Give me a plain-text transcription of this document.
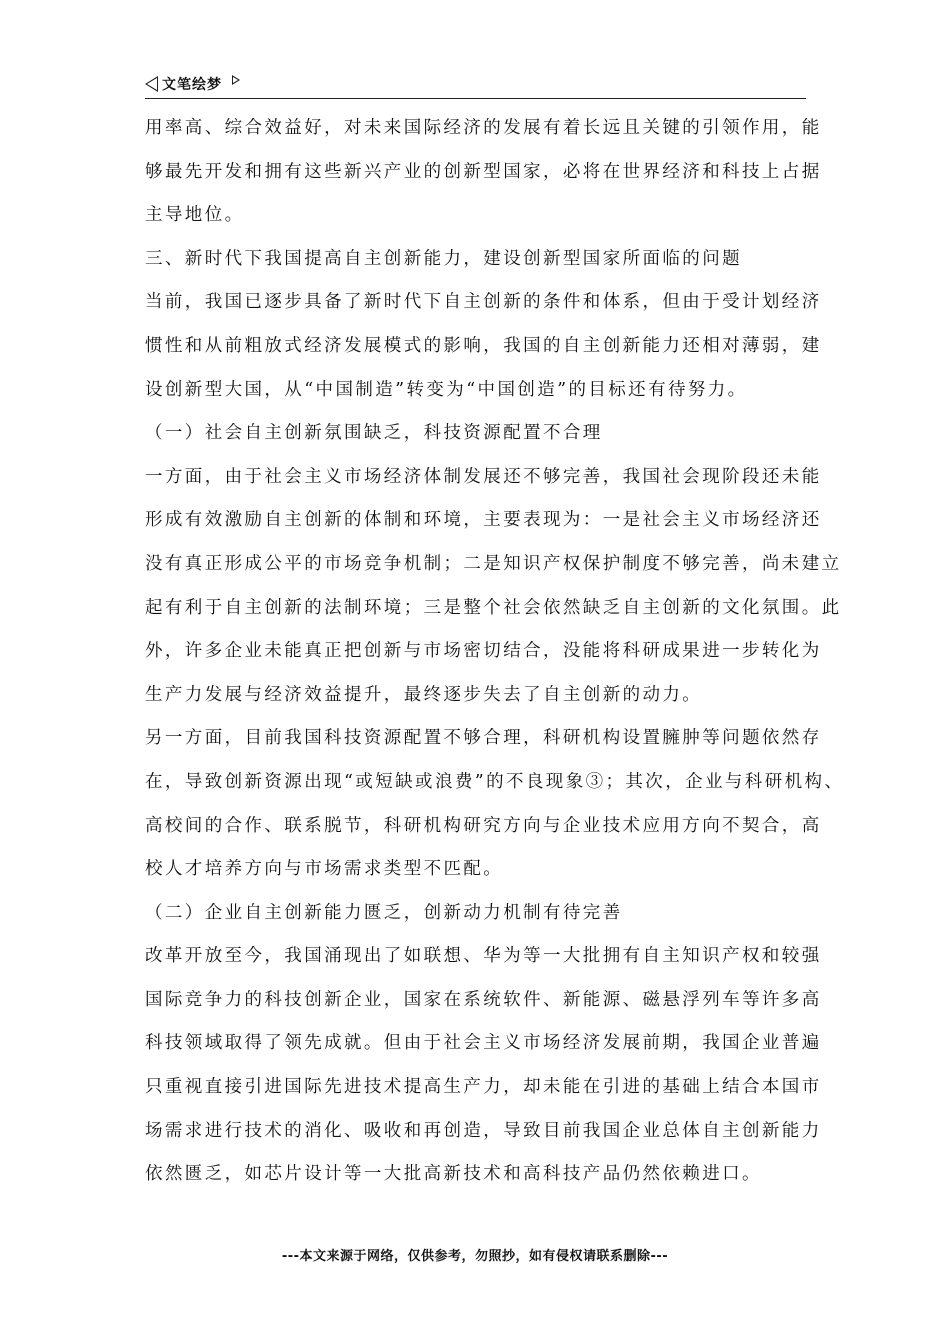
文笔绘梦
用率高、综合效益好，对未来国际经济的发展有着长远且关键的引领作用，能
够最先开发和拥有这些新兴产业的创新型国家，必将在世界经济和科技上占据
主导地位。
三、新时代下我国提高自主创新能力，建设创新型国家所面临的问题
当前，我国已逐步具备了新时代下自主创新的条件和体系，但由于受计划经济
惯性和从前粗放式经济发展模式的影响，我国的自主创新能力还相对薄弱，建
设创新型大国，从“中国制造”转变为“中国创造”的目标还有待努力。
（一）社会自主创新氛围缺乏，科技资源配置不合理
一方面，由于社会主义市场经济体制发展还不够完善，我国社会现阶段还未能
形成有效激励自主创新的体制和环境，主要表现为：一是社会主义市场经济还
没有真正形成公平的市场竞争机制；二是知识产权保护制度不够完善，尚未建立
起有利于自主创新的法制环境；三是整个社会依然缺乏自主创新的文化氛围。此
外，许多企业未能真正把创新与市场密切结合，没能将科研成果进一步转化为
生产力发展与经济效益提升，最终逐步失去了自主创新的动力。
另一方面，目前我国科技资源配置不够合理，科研机构设置臃肿等问题依然存
在，导致创新资源出现“或短缺或浪费”的不良现象③；其次，企业与科研机构、
高校间的合作、联系脱节，科研机构研究方向与企业技术应用方向不契合，高
校人才培养方向与市场需求类型不匹配。
（二）企业自主创新能力匮乏，创新动力机制有待完善
改革开放至今，我国涌现出了如联想、华为等一大批拥有自主知识产权和较强
国际竞争力的科技创新企业，国家在系统软件、新能源、磁悬浮列车等许多高
科技领域取得了领先成就。但由于社会主义市场经济发展前期，我国企业普遍
只重视直接引进国际先进技术提高生产力，却未能在引进的基础上结合本国市
场需求进行技术的消化、吸收和再创造，导致目前我国企业总体自主创新能力
依然匮乏，如芯片设计等一大批高新技术和高科技产品仍然依赖进口。
---本文来源于网络，仅供参考，勿照抄，如有侵权请联系删除---
